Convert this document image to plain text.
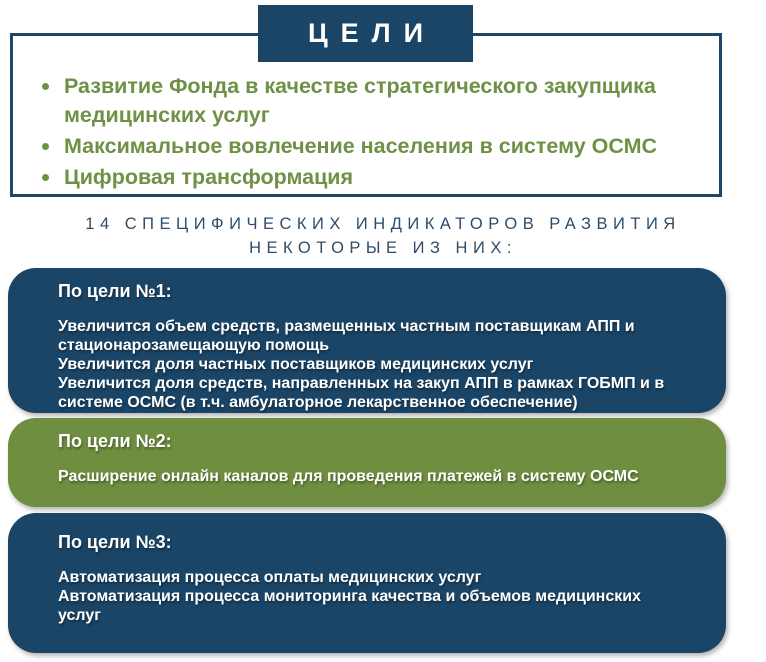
Развитие Фонда в качестве стратегического закупщика медицинских услуг
Максимальное вовлечение населения в систему ОСМС
Цифровая трансформация
ЦЕЛИ
14 СПЕЦИФИЧЕСКИХ ИНДИКАТОРОВ РАЗВИТИЯ
НЕКОТОРЫЕ ИЗ НИХ:
По цели №1:
Увеличится объем средств, размещенных частным поставщикам АПП и стационарозамещающую помощь
Увеличится доля частных поставщиков медицинских услуг
Увеличится доля средств, направленных на закуп АПП в рамках ГОБМП и в системе ОСМС (в т.ч. амбулаторное лекарственное обеспечение)
По цели №2:
Расширение онлайн каналов для проведения платежей в систему ОСМС
По цели №3:
Автоматизация процесса оплаты медицинских услуг
Автоматизация процесса мониторинга качества и объемов медицинских услуг
